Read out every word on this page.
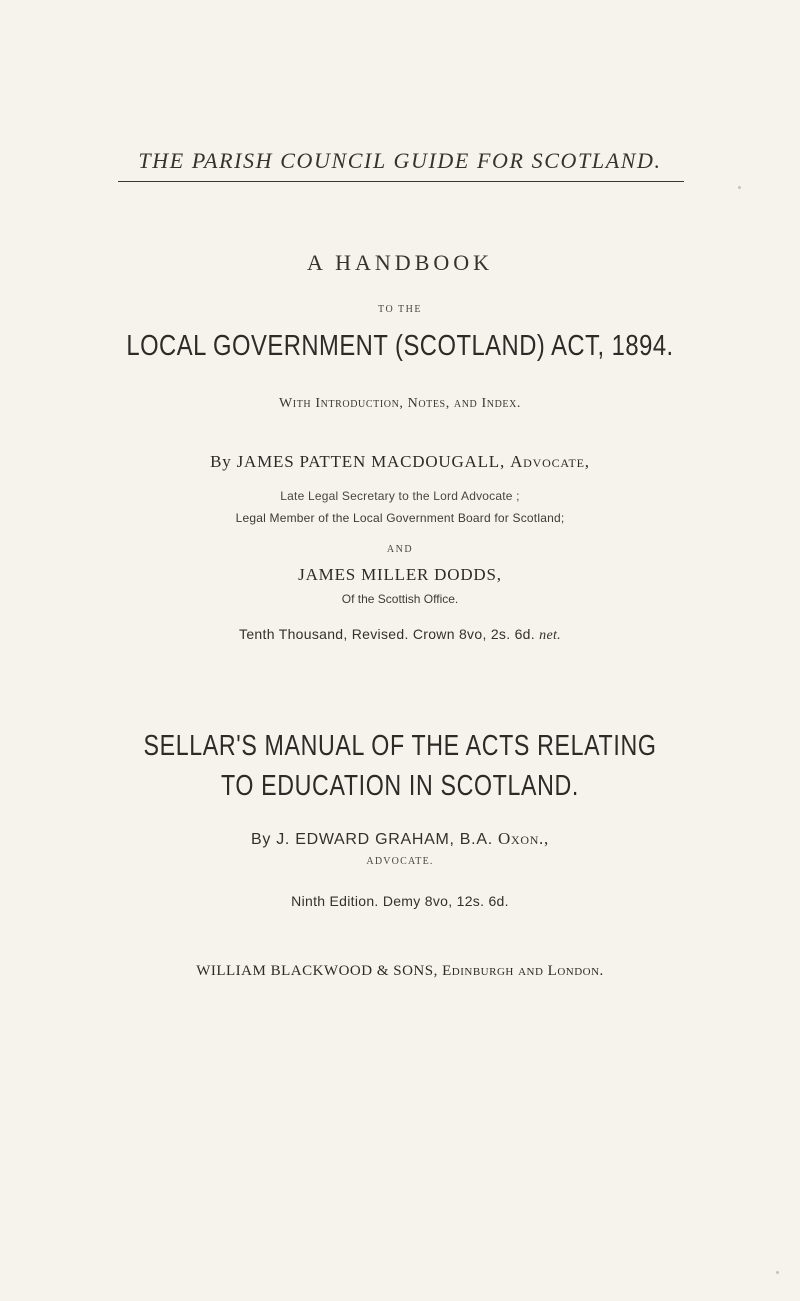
THE PARISH COUNCIL GUIDE FOR SCOTLAND.
A HANDBOOK
TO THE
LOCAL GOVERNMENT (SCOTLAND) ACT, 1894.
With Introduction, Notes, and Index.
By JAMES PATTEN MACDOUGALL, Advocate,
Late Legal Secretary to the Lord Advocate ;
Legal Member of the Local Government Board for Scotland;
AND
JAMES MILLER DODDS,
Of the Scottish Office.
Tenth Thousand, Revised. Crown 8vo, 2s. 6d. net.
SELLAR'S MANUAL OF THE ACTS RELATING
TO EDUCATION IN SCOTLAND.
By J. EDWARD GRAHAM, B.A. Oxon.,
ADVOCATE.
Ninth Edition. Demy 8vo, 12s. 6d.
WILLIAM BLACKWOOD & SONS, Edinburgh and London.
